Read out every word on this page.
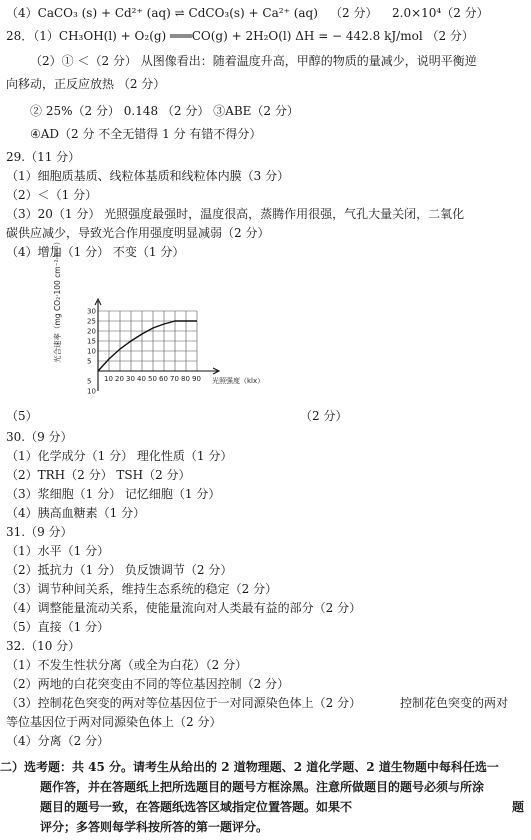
（4）CaCO₃ (s) + Cd²⁺ (aq) ⇌ CdCO₃(s) + Ca²⁺ (aq) （2 分） 2.0×10⁴（2 分）
28．（1）CH₃OH(l) + O₂(g) ═══CO(g) + 2H₂O(l) ΔH = − 442.8 kJ/mol （2 分）
（2）① ＜（2 分） 从图像看出：随着温度升高，甲醇的物质的量减少，说明平衡逆
向移动，正反应放热 （2 分）
② 25%（2 分） 0.148 （2 分） ③ABE（2 分）
④AD（2 分 不全无错得 1 分 有错不得分）
29.（11 分）
（1）细胞质基质、线粒体基质和线粒体内膜（3 分）
（2）＜（1 分）
（3）20（1 分） 光照强度最强时，温度很高，蒸腾作用很强，气孔大量关闭，二氧化
碳供应减少，导致光合作用强度明显减弱（2 分）
（4）增加（1 分） 不变（1 分）
10 20 30 40 50 60 70 80 90
30
25
20
15
10
5
5
10
光合速率（mg CO₂·100 cm⁻²·h⁻¹）
光照强度（klx）
（5）	（2 分）
30.（9 分）
（1）化学成分（1 分） 理化性质（1 分）
（2）TRH（2 分） TSH（2 分）
（3）浆细胞（1 分） 记忆细胞（1 分）
（4）胰高血糖素（1 分）
31.（9 分）
（1）水平（1 分）
（2）抵抗力（1 分） 负反馈调节（2 分）
（3）调节种间关系，维持生态系统的稳定（2 分）
（4）调整能量流动关系，使能量流向对人类最有益的部分（2 分）
（5）直接（1 分）
32.（10 分）
（1）不发生性状分离（或全为白花）（2 分）
（2）两地的白花突变由不同的等位基因控制（2 分）
（3）控制花色突变的两对等位基因位于一对同源染色体上（2 分）	控制花色突变的两对
等位基因位于两对同源染色体上（2 分）
（4）分离（2 分）
二）选考题：共 45 分。请考生从给出的 2 道物理题、2 道化学题、2 道生物题中每科任选一
题作答，并在答题纸上把所选题目的题号方框涂黑。注意所做题目的题号必须与所涂
题目的题号一致，在答题纸选答区域指定位置答题。如果不	题
评分；多答则每学科按所答的第一题评分。
